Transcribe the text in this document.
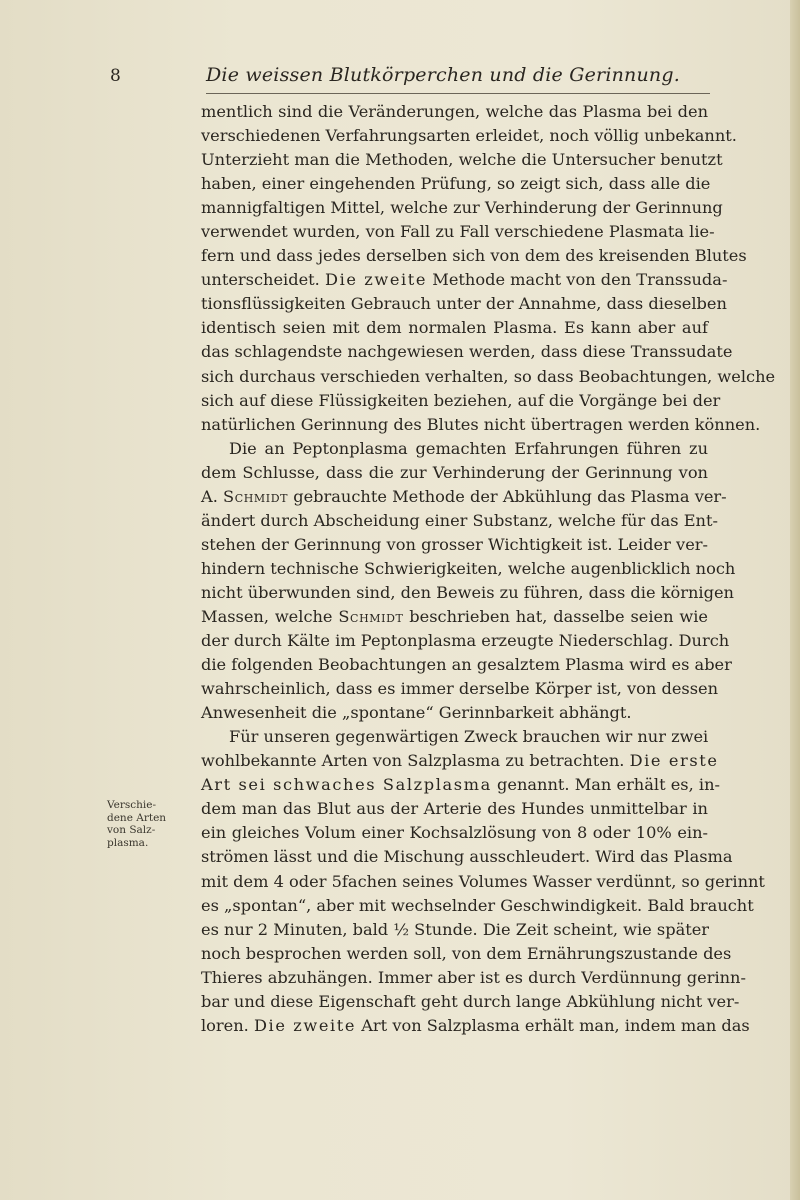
8	Die weissen Blutkörperchen und die Gerinnung.
Verschie-
dene Arten
von Salz-
plasma.
mentlich sind die Veränderungen, welche das Plasma bei den
verschiedenen Verfahrungsarten erleidet, noch völlig unbekannt.
Unterzieht man die Methoden, welche die Untersucher benutzt
haben, einer eingehenden Prüfung, so zeigt sich, dass alle die
mannigfaltigen Mittel, welche zur Verhinderung der Gerinnung
verwendet wurden, von Fall zu Fall verschiedene Plasmata lie-
fern und dass jedes derselben sich von dem des kreisenden Blutes
unterscheidet. Die zweite Methode macht von den Transsuda-
tionsflüssigkeiten Gebrauch unter der Annahme, dass dieselben
identisch seien mit dem normalen Plasma. Es kann aber auf
das schlagendste nachgewiesen werden, dass diese Transsudate
sich durchaus verschieden verhalten, so dass Beobachtungen, welche
sich auf diese Flüssigkeiten beziehen, auf die Vorgänge bei der
natürlichen Gerinnung des Blutes nicht übertragen werden können.
Die an Peptonplasma gemachten Erfahrungen führen zu
dem Schlusse, dass die zur Verhinderung der Gerinnung von
A. Schmidt gebrauchte Methode der Abkühlung das Plasma ver-
ändert durch Abscheidung einer Substanz, welche für das Ent-
stehen der Gerinnung von grosser Wichtigkeit ist. Leider ver-
hindern technische Schwierigkeiten, welche augenblicklich noch
nicht überwunden sind, den Beweis zu führen, dass die körnigen
Massen, welche Schmidt beschrieben hat, dasselbe seien wie
der durch Kälte im Peptonplasma erzeugte Niederschlag. Durch
die folgenden Beobachtungen an gesalztem Plasma wird es aber
wahrscheinlich, dass es immer derselbe Körper ist, von dessen
Anwesenheit die „spontane“ Gerinnbarkeit abhängt.
Für unseren gegenwärtigen Zweck brauchen wir nur zwei
wohlbekannte Arten von Salzplasma zu betrachten. Die erste
Art sei schwaches Salzplasma genannt. Man erhält es, in-
dem man das Blut aus der Arterie des Hundes unmittelbar in
ein gleiches Volum einer Kochsalzlösung von 8 oder 10% ein-
strömen lässt und die Mischung ausschleudert. Wird das Plasma
mit dem 4 oder 5fachen seines Volumes Wasser verdünnt, so gerinnt
es „spontan“, aber mit wechselnder Geschwindigkeit. Bald braucht
es nur 2 Minuten, bald ½ Stunde. Die Zeit scheint, wie später
noch besprochen werden soll, von dem Ernährungszustande des
Thieres abzuhängen. Immer aber ist es durch Verdünnung gerinn-
bar und diese Eigenschaft geht durch lange Abkühlung nicht ver-
loren. Die zweite Art von Salzplasma erhält man, indem man das
